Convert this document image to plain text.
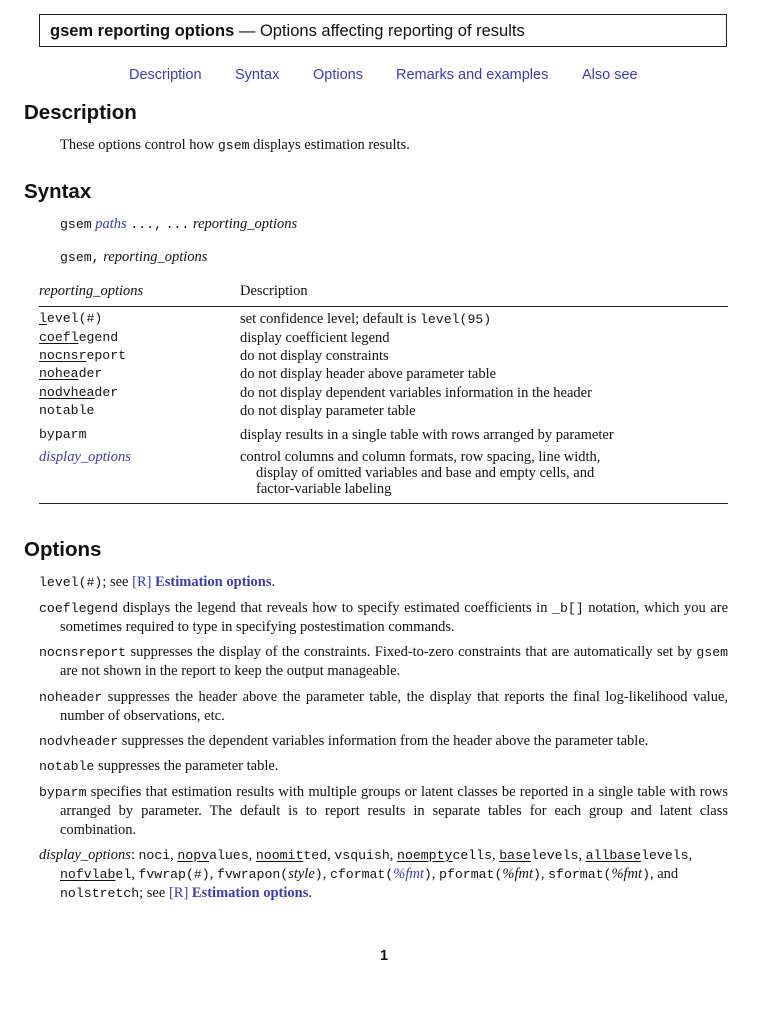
gsem reporting options — Options affecting reporting of results
Description Syntax Options Remarks and examples Also see
Description
These options control how gsem displays estimation results.
Syntax
gsem paths ..., ... reporting_options
gsem, reporting_options
reporting_options	Description
level(#)	set confidence level; default is level(95)
coeflegend	display coefficient legend
nocnsreport	do not display constraints
noheader	do not display header above parameter table
nodvheader	do not display dependent variables information in the header
notable	do not display parameter table
byparm	display results in a single table with rows arranged by parameter
display_options	control columns and column formats, row spacing, line width,
display of omitted variables and base and empty cells, and
factor-variable labeling
Options
level(#); see [R] Estimation options.
coeflegend displays the legend that reveals how to specify estimated coefficients in _b[] notation, which you are sometimes required to type in specifying postestimation commands.
nocnsreport suppresses the display of the constraints. Fixed-to-zero constraints that are automatically set by gsem are not shown in the report to keep the output manageable.
noheader suppresses the header above the parameter table, the display that reports the final log-likelihood value, number of observations, etc.
nodvheader suppresses the dependent variables information from the header above the parameter table.
notable suppresses the parameter table.
byparm specifies that estimation results with multiple groups or latent classes be reported in a single table with rows arranged by parameter. The default is to report results in separate tables for each group and latent class combination.
display_options: noci, nopvalues, noomitted, vsquish, noemptycells, baselevels, allbaselevels, nofvlabel, fvwrap(#), fvwrapon(style), cformat(%fmt), pformat(%fmt), sformat(%fmt), and nolstretch; see [R] Estimation options.
1
